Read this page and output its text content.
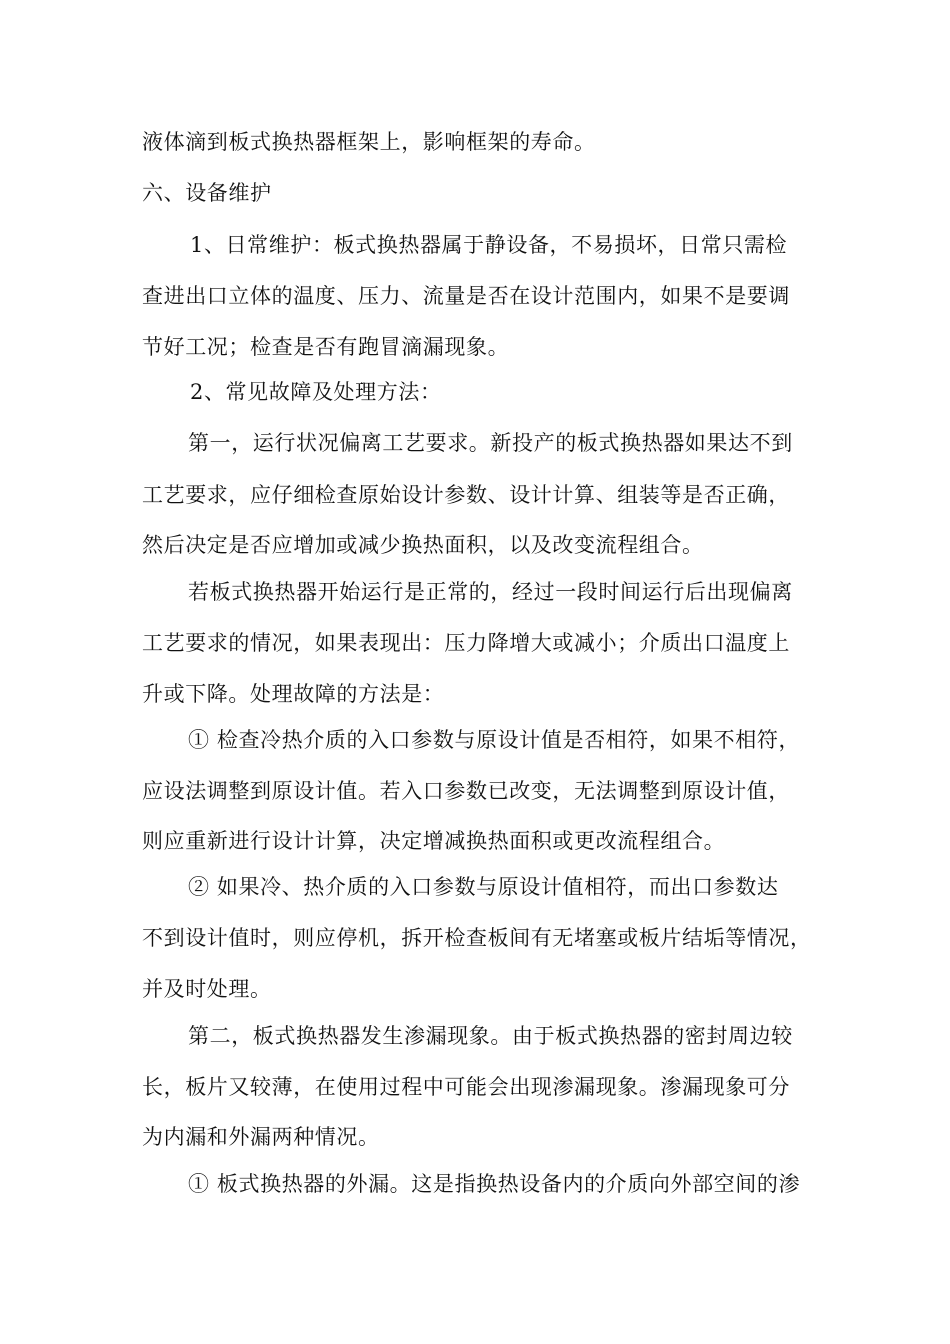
液体滴到板式换热器框架上，影响框架的寿命。
六、设备维护
1、日常维护：板式换热器属于静设备，不易损坏，日常只需检
查进出口立体的温度、压力、流量是否在设计范围内，如果不是要调
节好工况；检查是否有跑冒滴漏现象。
2、常见故障及处理方法：
第一，运行状况偏离工艺要求。新投产的板式换热器如果达不到
工艺要求，应仔细检查原始设计参数、设计计算、组装等是否正确，
然后决定是否应增加或减少换热面积，以及改变流程组合。
若板式换热器开始运行是正常的，经过一段时间运行后出现偏离
工艺要求的情况，如果表现出：压力降增大或减小；介质出口温度上
升或下降。处理故障的方法是：
① 检查冷热介质的入口参数与原设计值是否相符，如果不相符，
应设法调整到原设计值。若入口参数已改变，无法调整到原设计值，
则应重新进行设计计算，决定增减换热面积或更改流程组合。
② 如果冷、热介质的入口参数与原设计值相符，而出口参数达
不到设计值时，则应停机，拆开检查板间有无堵塞或板片结垢等情况，
并及时处理。
第二，板式换热器发生渗漏现象。由于板式换热器的密封周边较
长，板片又较薄，在使用过程中可能会出现渗漏现象。渗漏现象可分
为内漏和外漏两种情况。
① 板式换热器的外漏。这是指换热设备内的介质向外部空间的渗
